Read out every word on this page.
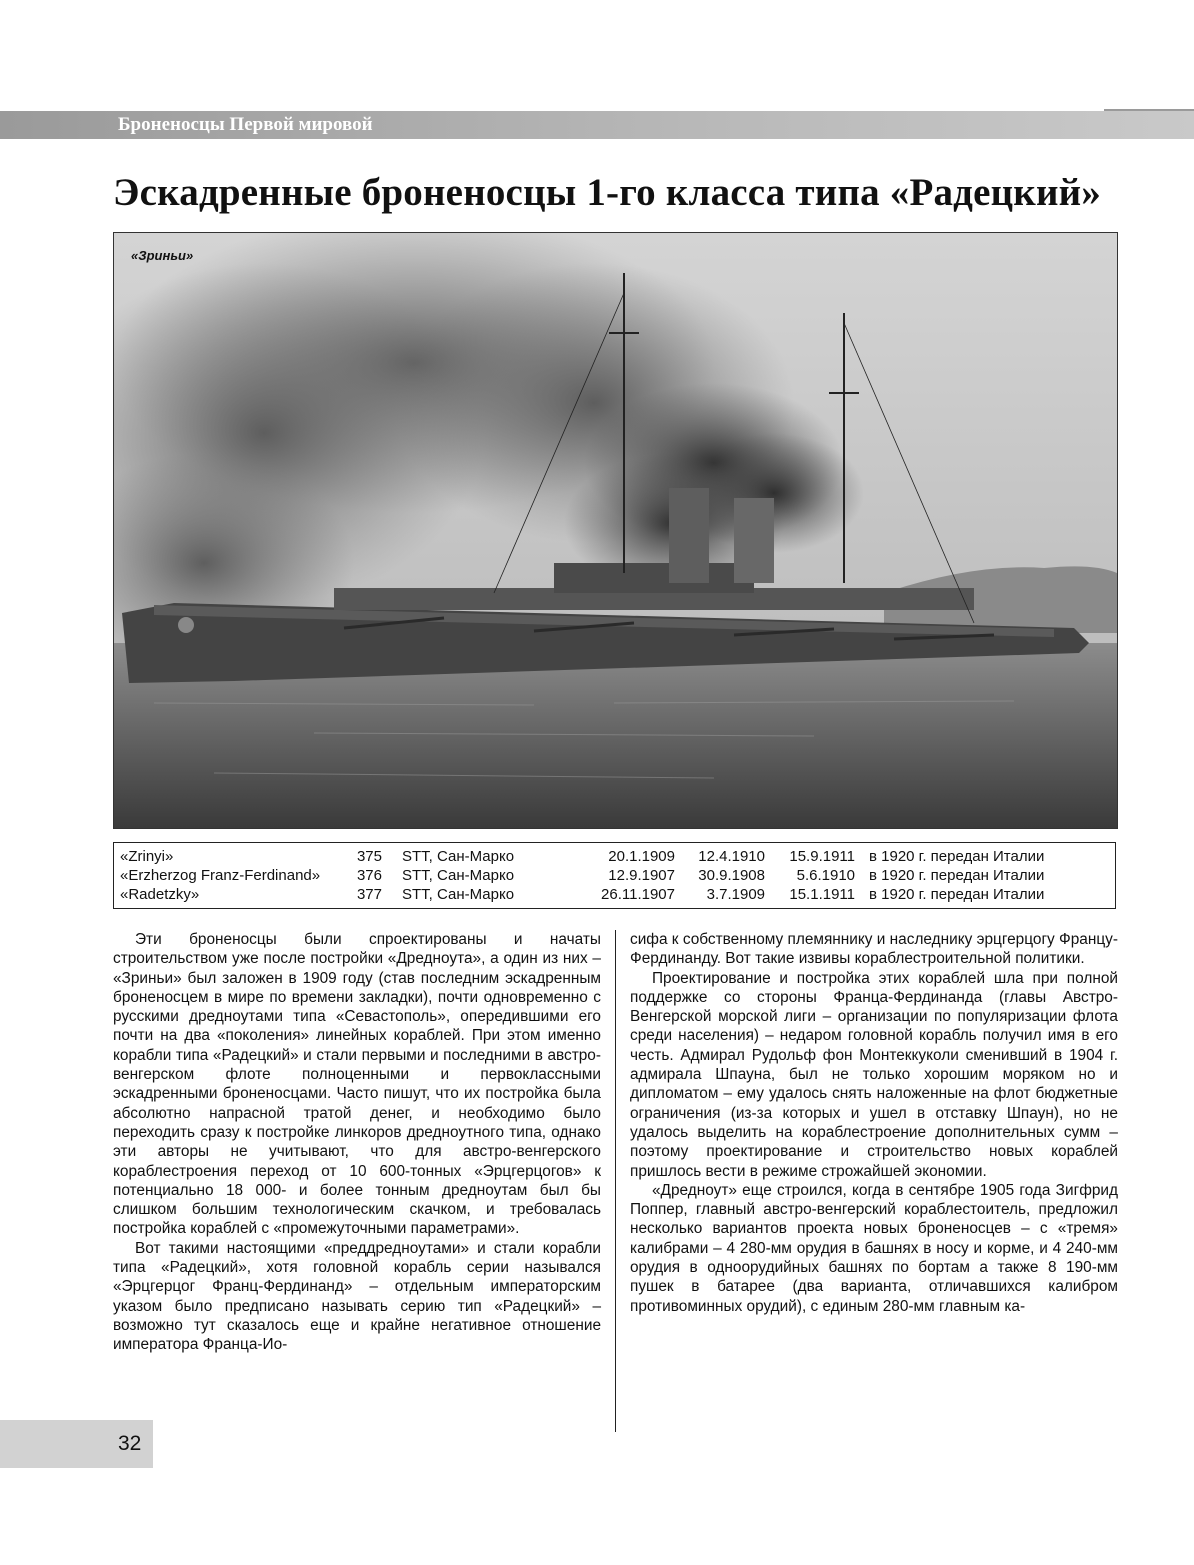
Броненосцы Первой мировой
Эскадренные броненосцы 1-го класса типа «Радецкий»
«Зриньи»
«Zrinyi»	375	STT, Сан-Марко	20.1.1909	12.4.1910	15.9.1911	в 1920 г. передан Италии
«Erzherzog Franz-Ferdinand»	376	STT, Сан-Марко	12.9.1907	30.9.1908	5.6.1910	в 1920 г. передан Италии
«Radetzky»	377	STT, Сан-Марко	26.11.1907	3.7.1909	15.1.1911	в 1920 г. передан Италии

Эти броненосцы были спроектированы и начаты строительством уже после постройки «Дредноута», а один из них – «Зриньи» был заложен в 1909 году (став последним эскадренным броненосцем в мире по времени закладки), почти одновременно с русскими дредноутами типа «Севастополь», опередившими его почти на два «поколения» линейных кораблей. При этом именно корабли типа «Радецкий» и стали первыми и последними в австро-венгерском флоте полноценными и первоклассными эскадренными броненосцами. Часто пишут, что их постройка была абсолютно напрасной тратой денег, и необходимо было переходить сразу к постройке линкоров дредноутного типа, однако эти авторы не учитывают, что для австро-венгерского кораблестроения переход от 10 600-тонных «Эрцгерцогов» к потенциально 18 000- и более тонным дредноутам был бы слишком большим технологическим скачком, и требовалась постройка кораблей с «промежуточными параметрами».

Вот такими настоящими «преддредноутами» и стали корабли типа «Радецкий», хотя головной корабль серии назывался «Эрцгерцог Франц-Фердинанд» – отдельным императорским указом было предписано называть серию тип «Радецкий» – возможно тут сказалось еще и крайне негативное отношение императора Франца-Ио-

сифа к собственному племяннику и наследнику эрцгерцогу Францу-Фердинанду. Вот такие извивы кораблестроительной политики.

Проектирование и постройка этих кораблей шла при полной поддержке со стороны Франца-Фердинанда (главы Австро-Венгерской морской лиги – организации по популяризации флота среди населения) – недаром головной корабль получил имя в его честь. Адмирал Рудольф фон Монтеккуколи сменивший в 1904 г. адмирала Шпауна, был не только хорошим моряком но и дипломатом – ему удалось снять наложенные на флот бюджетные ограничения (из-за которых и ушел в отставку Шпаун), но не удалось выделить на кораблестроение дополнительных сумм – поэтому проектирование и строительство новых кораблей пришлось вести в режиме строжайшей экономии.

«Дредноут» еще строился, когда в сентябре 1905 года Зигфрид Поппер, главный австро-венгерский кораблестоитель, предложил несколько вариантов проекта новых броненосцев – с «тремя» калибрами – 4 280-мм орудия в башнях в носу и корме, и 4 240-мм орудия в одноорудийных башнях по бортам а также 8 190-мм пушек в батарее (два варианта, отличавшихся калибром противоминных орудий), с единым 280-мм главным ка-

32
